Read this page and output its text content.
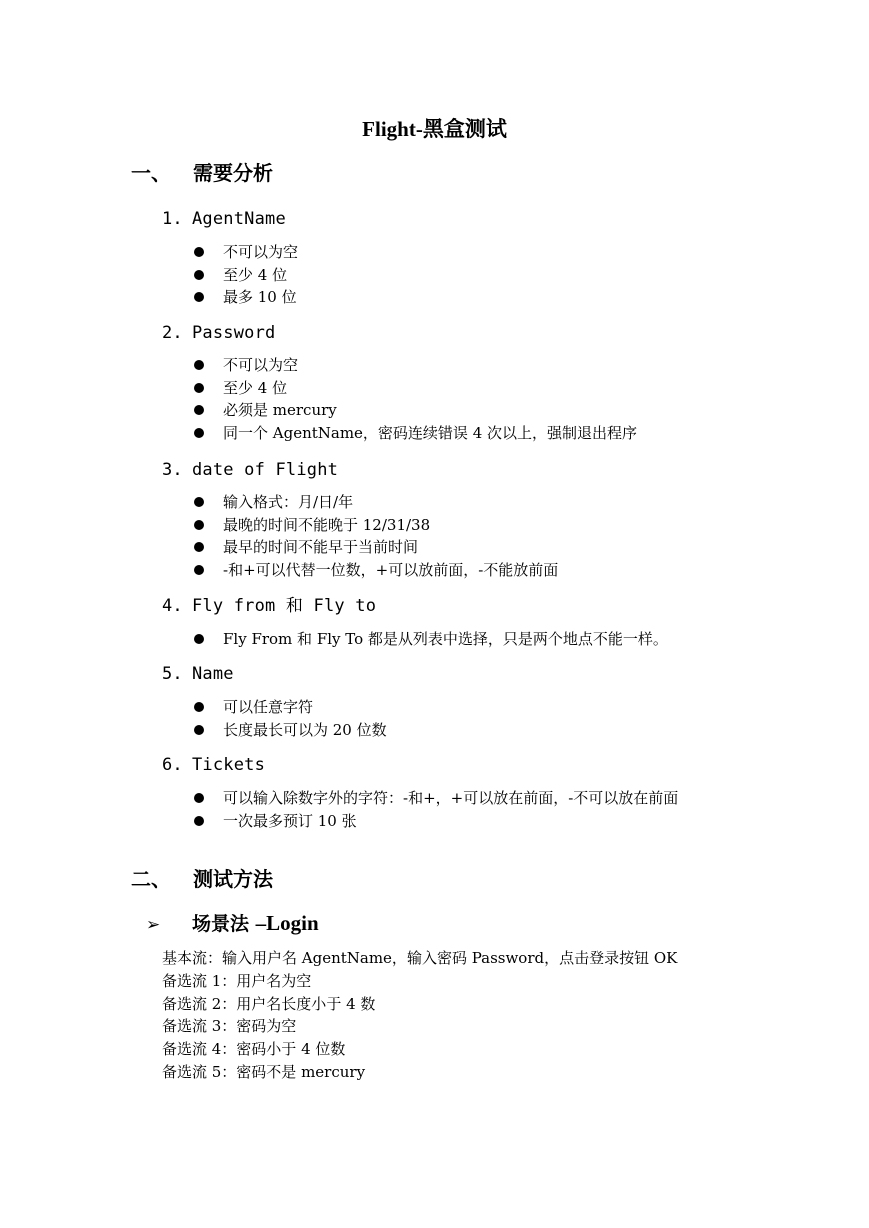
Flight-黑盒测试
一、 需要分析
1. AgentName
不可以为空
至少 4 位
最多 10 位
2. Password
不可以为空
至少 4 位
必须是 mercury
同一个 AgentName，密码连续错误 4 次以上，强制退出程序
3. date of Flight
输入格式：月/日/年
最晚的时间不能晚于 12/31/38
最早的时间不能早于当前时间
-和+可以代替一位数，+可以放前面，-不能放前面
4. Fly from 和 Fly to
Fly From 和 Fly To 都是从列表中选择，只是两个地点不能一样。
5. Name
可以任意字符
长度最长可以为 20 位数
6. Tickets
可以输入除数字外的字符：-和+，+可以放在前面，-不可以放在前面
一次最多预订 10 张
二、 测试方法
➢ 场景法 –Login
基本流：输入用户名 AgentName，输入密码 Password，点击登录按钮 OK
备选流 1：用户名为空
备选流 2：用户名长度小于 4 数
备选流 3：密码为空
备选流 4：密码小于 4 位数
备选流 5：密码不是 mercury
